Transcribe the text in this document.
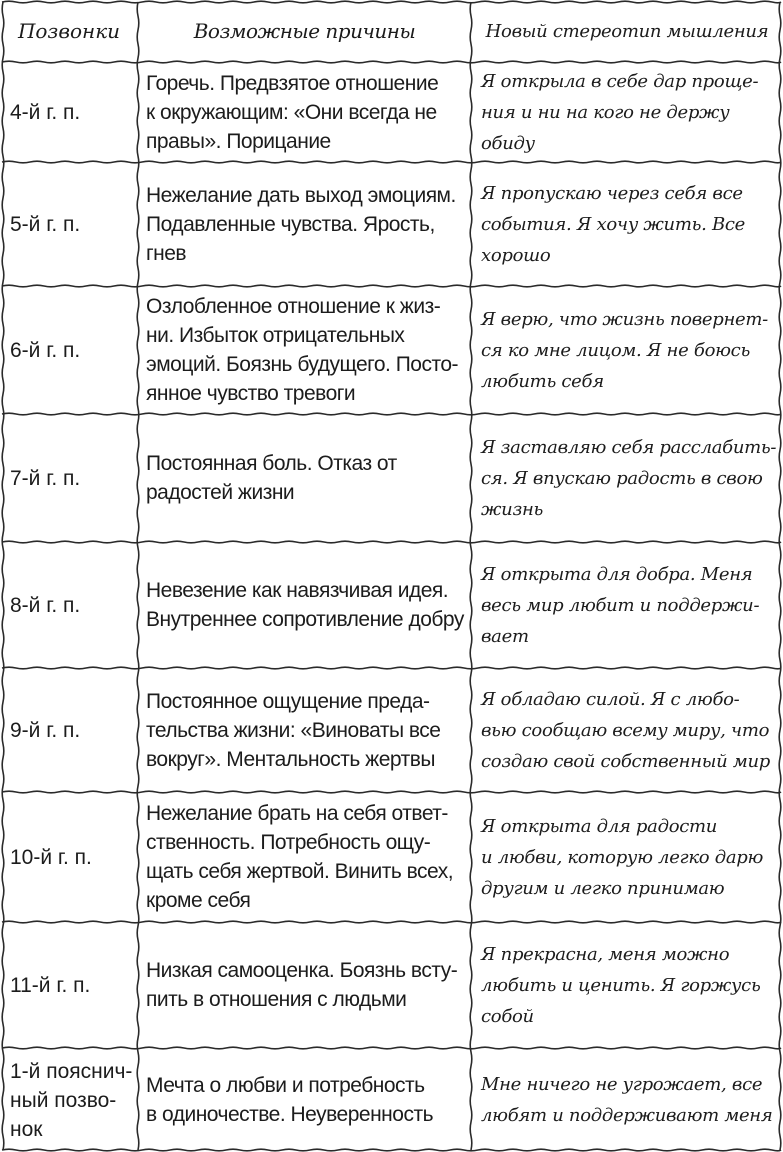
Позвонки	Возможные причины	Новый стереотип мышления
4-й г. п.
Горечь. Предвзятое отношение
к окружающим: «Они всегда не
правы». Порицание
Я открыла в себе дар проще-
ния и ни на кого не держу обиду
5-й г. п.
Нежелание дать выход эмоциям.
Подавленные чувства. Ярость,
гнев
Я пропускаю через себя все
события. Я хочу жить. Все
хорошо
6-й г. п.
Озлобленное отношение к жиз-
ни. Избыток отрицательных
эмоций. Боязнь будущего. Посто-
янное чувство тревоги
Я верю, что жизнь повернет-
ся ко мне лицом. Я не боюсь
любить себя
7-й г. п.
Постоянная боль. Отказ от
радостей жизни
Я заставляю себя расслабить-
ся. Я впускаю радость в свою
жизнь
8-й г. п.
Невезение как навязчивая идея.
Внутреннее сопротивление добру
Я открыта для добра. Меня
весь мир любит и поддержи-
вает
9-й г. п.
Постоянное ощущение преда-
тельства жизни: «Виноваты все
вокруг». Ментальность жертвы
Я обладаю силой. Я с любо-
вью сообщаю всему миру, что
создаю свой собственный мир
10-й г. п.
Нежелание брать на себя ответ-
ственность. Потребность ощу-
щать себя жертвой. Винить всех,
кроме себя
Я открыта для радости
и любви, которую легко дарю
другим и легко принимаю
11-й г. п.
Низкая самооценка. Боязнь всту-
пить в отношения с людьми
Я прекрасна, меня можно
любить и ценить. Я горжусь
собой
1-й пояснич-
ный позво-
нок
Мечта о любви и потребность
в одиночестве. Неуверенность
Мне ничего не угрожает, все
любят и поддерживают меня
